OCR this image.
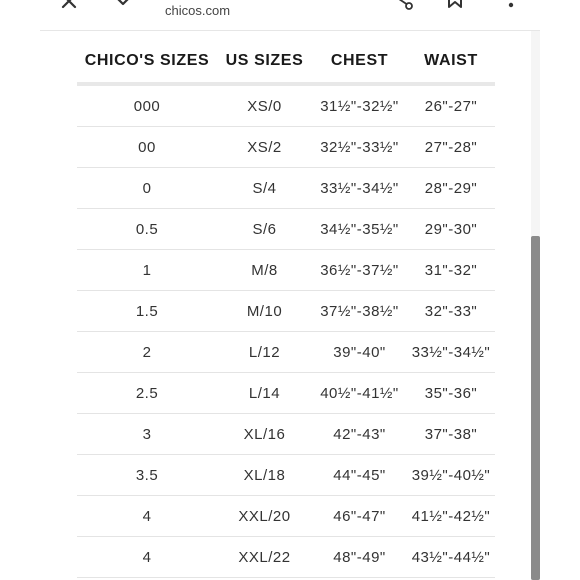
chicos.com
CHICO'S SIZES	US SIZES	CHEST	WAIST
000	XS/0	31½"-32½"	26"-27"
00	XS/2	32½"-33½"	27"-28"
0	S/4	33½"-34½"	28"-29"
0.5	S/6	34½"-35½"	29"-30"
1	M/8	36½"-37½"	31"-32"
1.5	M/10	37½"-38½"	32"-33"
2	L/12	39"-40"	33½"-34½"
2.5	L/14	40½"-41½"	35"-36"
3	XL/16	42"-43"	37"-38"
3.5	XL/18	44"-45"	39½"-40½"
4	XXL/20	46"-47"	41½"-42½"
4	XXL/22	48"-49"	43½"-44½"
